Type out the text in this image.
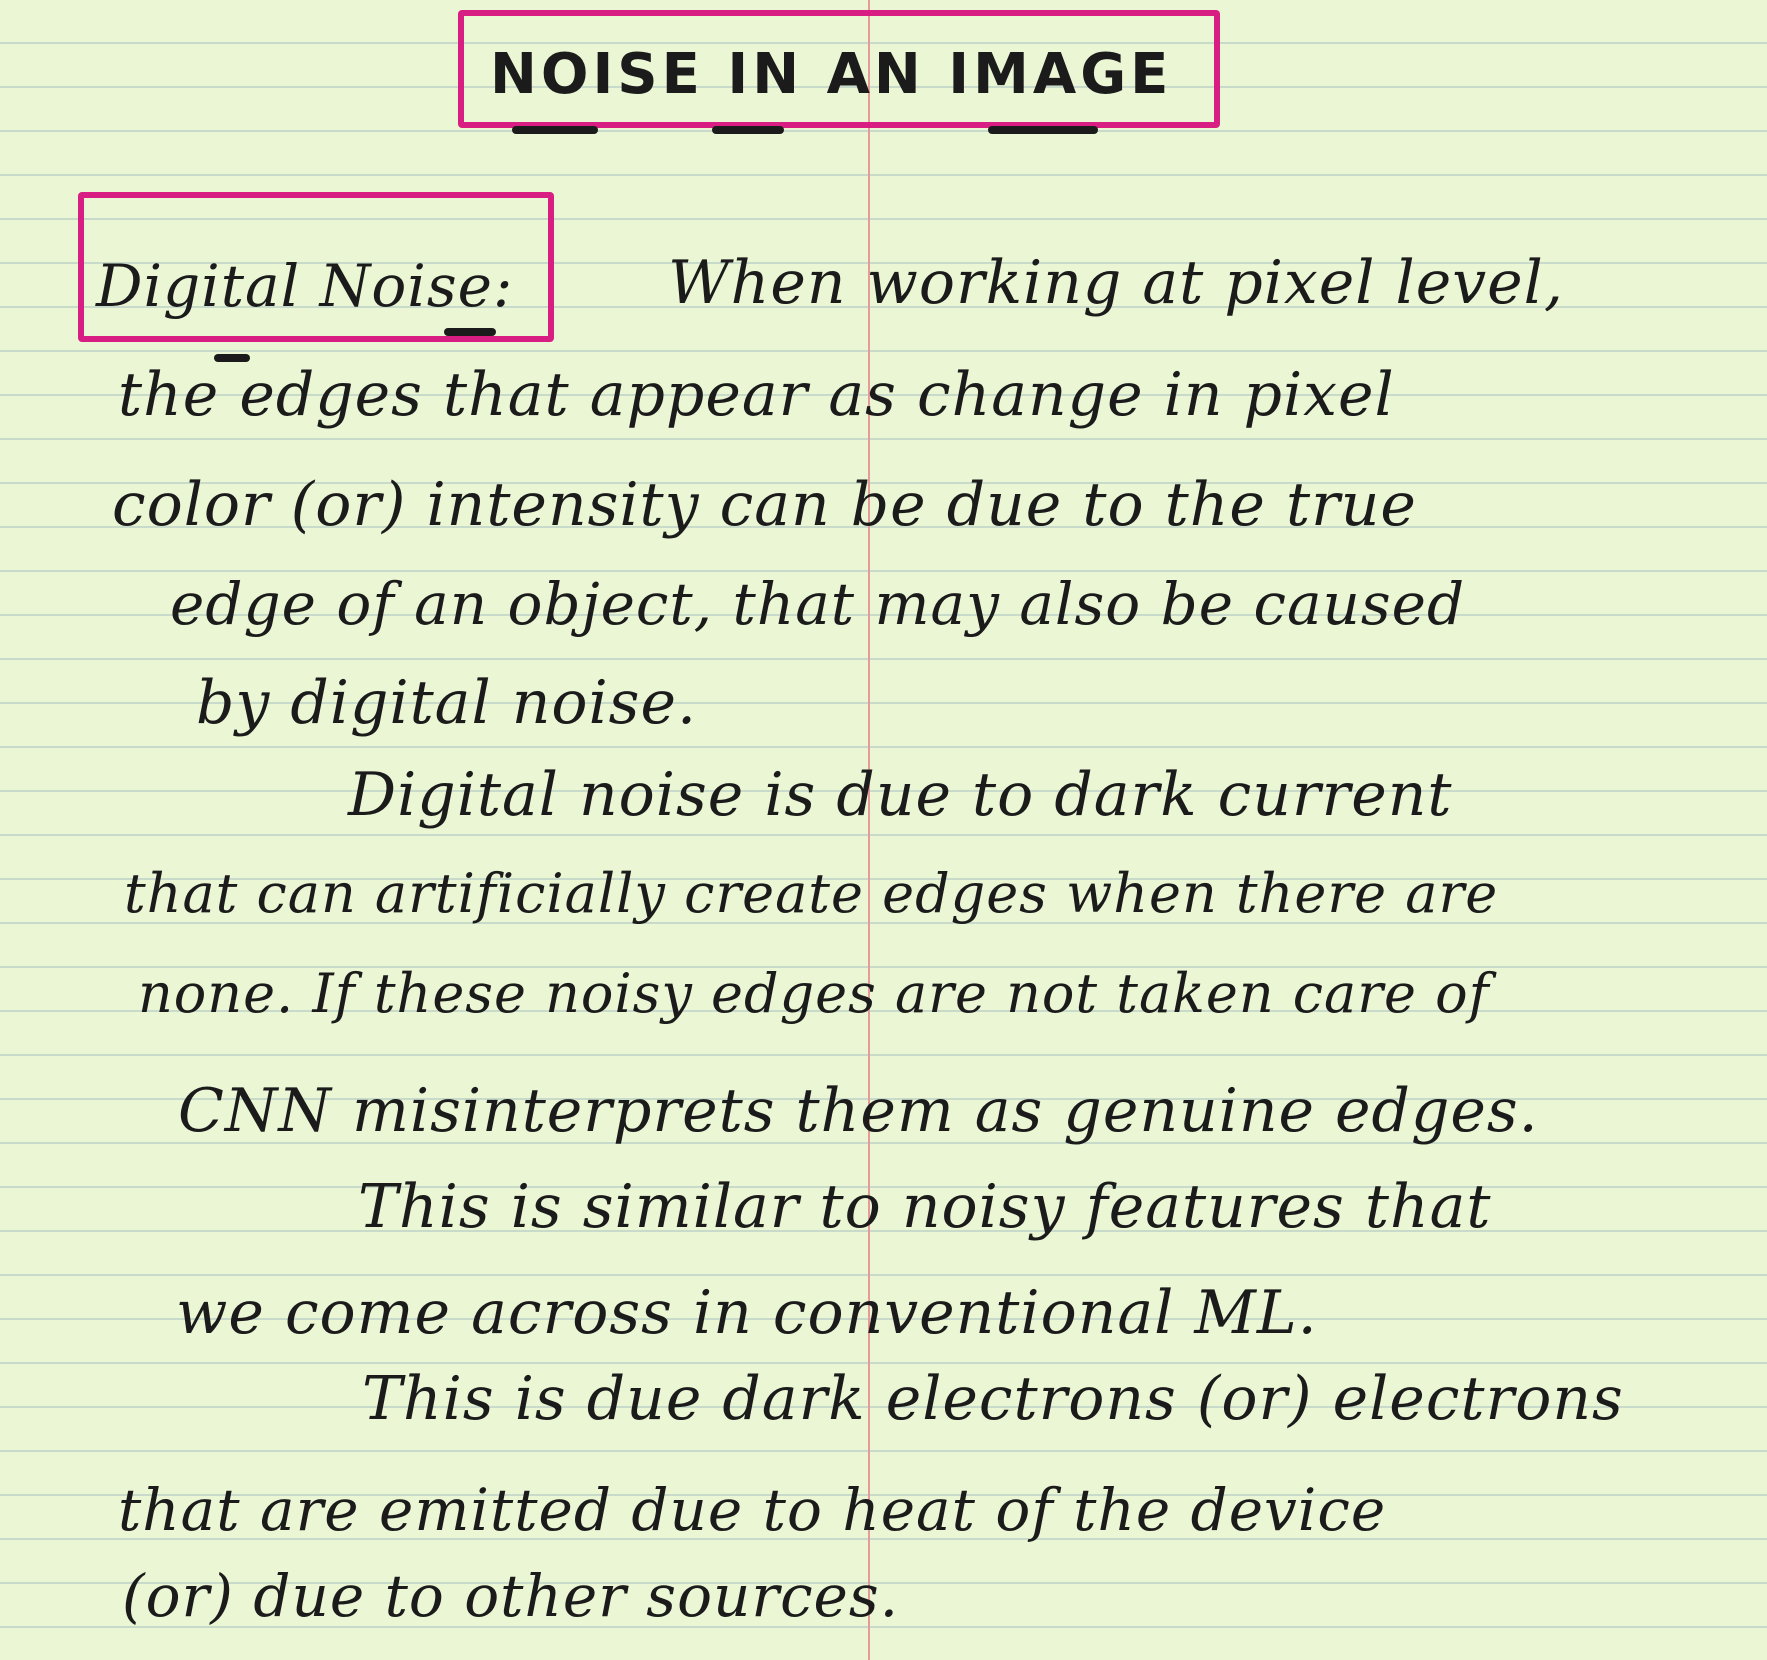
NOISE IN AN IMAGE
Digital Noise:	When working at pixel level,
the edges that appear as change in pixel
color (or) intensity can be due to the true
edge of an object, that may also be caused
by digital noise.
Digital noise is due to dark current
that can artificially create edges when there are
none. If these noisy edges are not taken care of
CNN misinterprets them as genuine edges.
This is similar to noisy features that
we come across in conventional ML.
This is due dark electrons (or) electrons
that are emitted due to heat of the device
(or) due to other sources.
